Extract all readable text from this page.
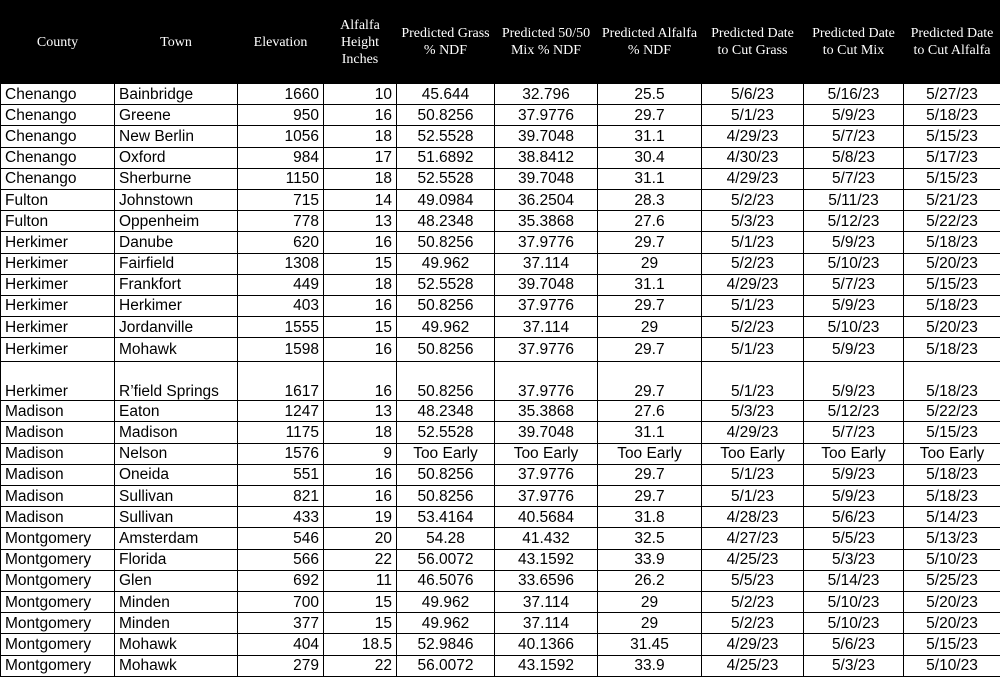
County	Town	Elevation	Alfalfa Height Inches	Predicted Grass % NDF	Predicted 50/50 Mix % NDF	Predicted Alfalfa % NDF	Predicted Date to Cut Grass	Predicted Date to Cut Mix	Predicted Date to Cut Alfalfa
Chenango	Bainbridge	1660	10	45.644	32.796	25.5	5/6/23	5/16/23	5/27/23
Chenango	Greene	950	16	50.8256	37.9776	29.7	5/1/23	5/9/23	5/18/23
Chenango	New Berlin	1056	18	52.5528	39.7048	31.1	4/29/23	5/7/23	5/15/23
Chenango	Oxford	984	17	51.6892	38.8412	30.4	4/30/23	5/8/23	5/17/23
Chenango	Sherburne	1150	18	52.5528	39.7048	31.1	4/29/23	5/7/23	5/15/23
Fulton	Johnstown	715	14	49.0984	36.2504	28.3	5/2/23	5/11/23	5/21/23
Fulton	Oppenheim	778	13	48.2348	35.3868	27.6	5/3/23	5/12/23	5/22/23
Herkimer	Danube	620	16	50.8256	37.9776	29.7	5/1/23	5/9/23	5/18/23
Herkimer	Fairfield	1308	15	49.962	37.114	29	5/2/23	5/10/23	5/20/23
Herkimer	Frankfort	449	18	52.5528	39.7048	31.1	4/29/23	5/7/23	5/15/23
Herkimer	Herkimer	403	16	50.8256	37.9776	29.7	5/1/23	5/9/23	5/18/23
Herkimer	Jordanville	1555	15	49.962	37.114	29	5/2/23	5/10/23	5/20/23
Herkimer	Mohawk	1598	16	50.8256	37.9776	29.7	5/1/23	5/9/23	5/18/23
Herkimer	R’field Springs	1617	16	50.8256	37.9776	29.7	5/1/23	5/9/23	5/18/23
Madison	Eaton	1247	13	48.2348	35.3868	27.6	5/3/23	5/12/23	5/22/23
Madison	Madison	1175	18	52.5528	39.7048	31.1	4/29/23	5/7/23	5/15/23
Madison	Nelson	1576	9	Too Early	Too Early	Too Early	Too Early	Too Early	Too Early
Madison	Oneida	551	16	50.8256	37.9776	29.7	5/1/23	5/9/23	5/18/23
Madison	Sullivan	821	16	50.8256	37.9776	29.7	5/1/23	5/9/23	5/18/23
Madison	Sullivan	433	19	53.4164	40.5684	31.8	4/28/23	5/6/23	5/14/23
Montgomery	Amsterdam	546	20	54.28	41.432	32.5	4/27/23	5/5/23	5/13/23
Montgomery	Florida	566	22	56.0072	43.1592	33.9	4/25/23	5/3/23	5/10/23
Montgomery	Glen	692	11	46.5076	33.6596	26.2	5/5/23	5/14/23	5/25/23
Montgomery	Minden	700	15	49.962	37.114	29	5/2/23	5/10/23	5/20/23
Montgomery	Minden	377	15	49.962	37.114	29	5/2/23	5/10/23	5/20/23
Montgomery	Mohawk	404	18.5	52.9846	40.1366	31.45	4/29/23	5/6/23	5/15/23
Montgomery	Mohawk	279	22	56.0072	43.1592	33.9	4/25/23	5/3/23	5/10/23
